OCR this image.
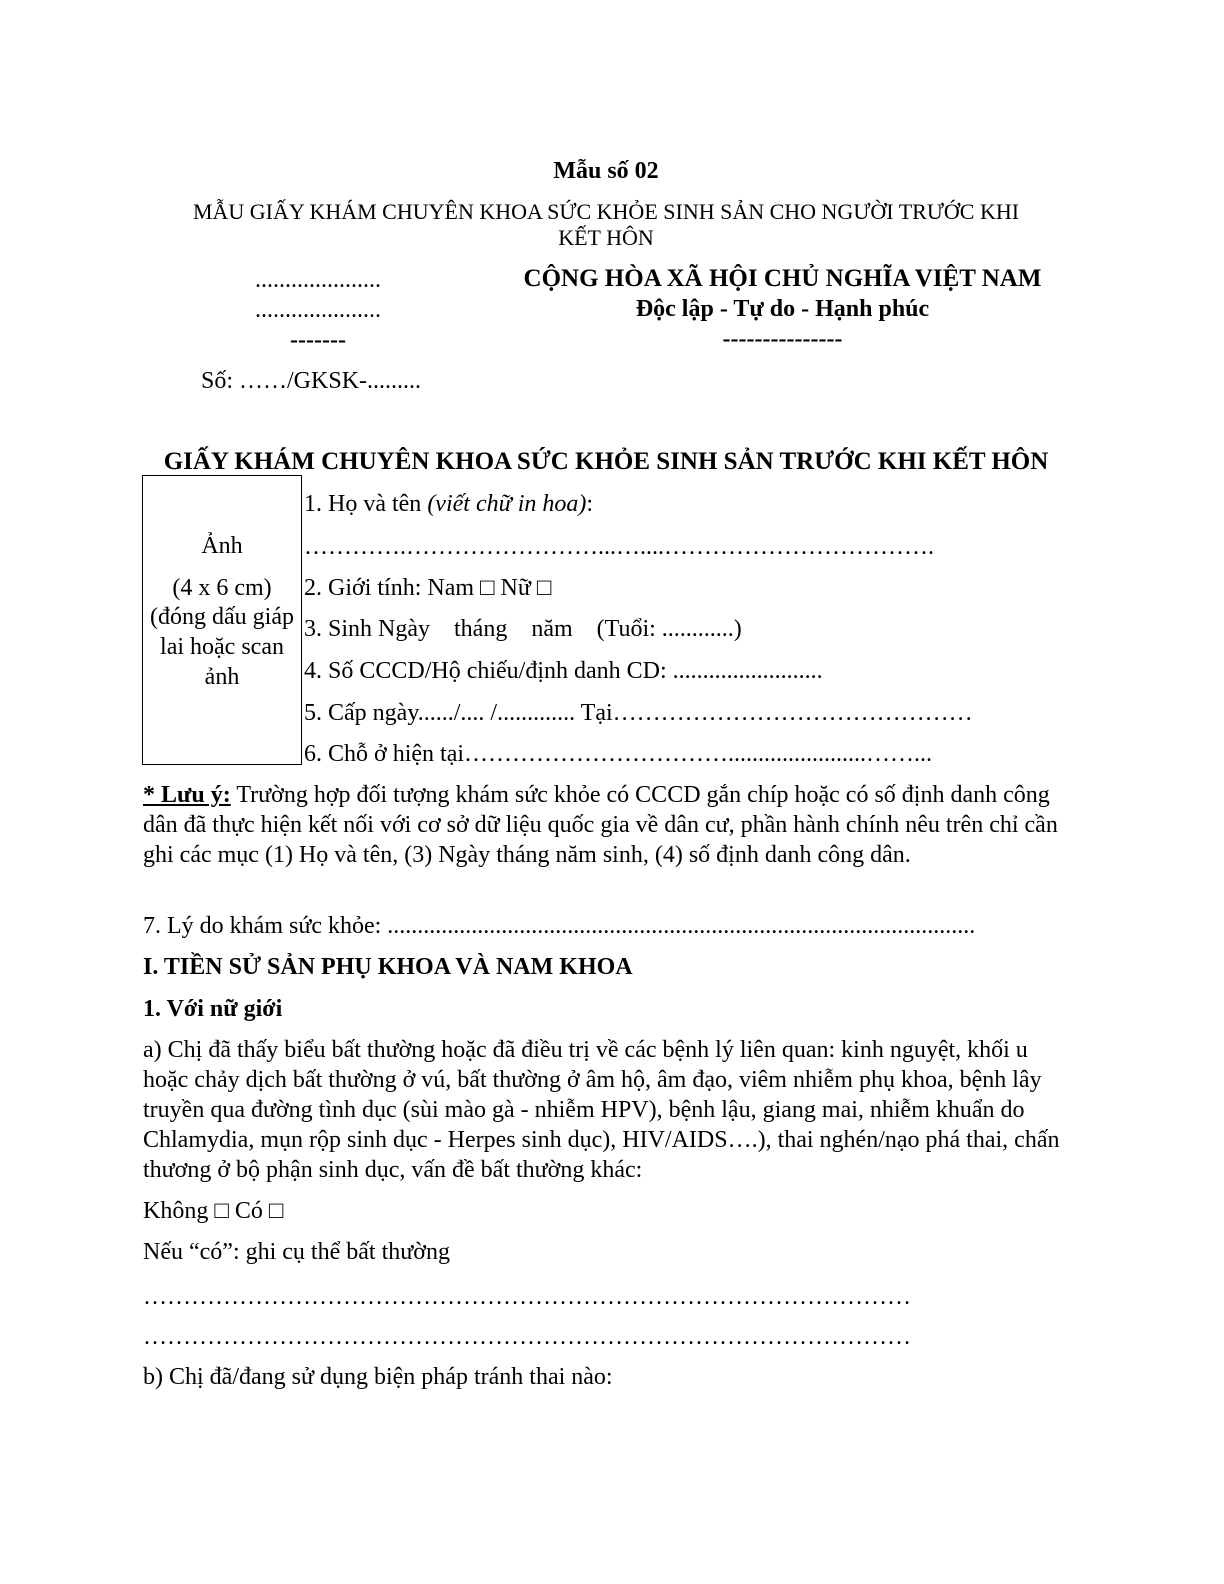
Mẫu số 02
MẪU GIẤY KHÁM CHUYÊN KHOA SỨC KHỎE SINH SẢN CHO NGƯỜI TRƯỚC KHI
KẾT HÔN
.....................
.....................
-------
CỘNG HÒA XÃ HỘI CHỦ NGHĨA VIỆT NAM
Độc lập - Tự do - Hạnh phúc
---------------
Số: ……/GKSK-.........
GIẤY KHÁM CHUYÊN KHOA SỨC KHỎE SINH SẢN TRƯỚC KHI KẾT HÔN
Ảnh
(4 x 6 cm)
(đóng dấu giáp
lai hoặc scan
ảnh
1. Họ và tên (viết chữ in hoa):
………….……………………...…....…………………………….
2. Giới tính: Nam □ Nữ □
3. Sinh Ngày    tháng    năm    (Tuổi: ............)
4. Số CCCD/Hộ chiếu/định danh CD: .........................
5. Cấp ngày....../.... /............. Tại………………………………………
6. Chỗ ở hiện tại…………………………….......................……...
* Lưu ý: Trường hợp đối tượng khám sức khỏe có CCCD gắn chíp hoặc có số định danh công dân đã thực hiện kết nối với cơ sở dữ liệu quốc gia về dân cư, phần hành chính nêu trên chỉ cần ghi các mục (1) Họ và tên, (3) Ngày tháng năm sinh, (4) số định danh công dân.
7. Lý do khám sức khỏe: ..................................................................................................
I. TIỀN SỬ SẢN PHỤ KHOA VÀ NAM KHOA
1. Với nữ giới
a) Chị đã thấy biểu bất thường hoặc đã điều trị về các bệnh lý liên quan: kinh nguyệt, khối u hoặc chảy dịch bất thường ở vú, bất thường ở âm hộ, âm đạo, viêm nhiễm phụ khoa, bệnh lây truyền qua đường tình dục (sùi mào gà - nhiễm HPV), bệnh lậu, giang mai, nhiễm khuẩn do Chlamydia, mụn rộp sinh dục - Herpes sinh dục), HIV/AIDS….), thai nghén/nạo phá thai, chấn thương ở bộ phận sinh dục, vấn đề bất thường khác:
Không □ Có □
Nếu “có”: ghi cụ thể bất thường
……………………………………………………………………………………
……………………………………………………………………………………
b) Chị đã/đang sử dụng biện pháp tránh thai nào:
